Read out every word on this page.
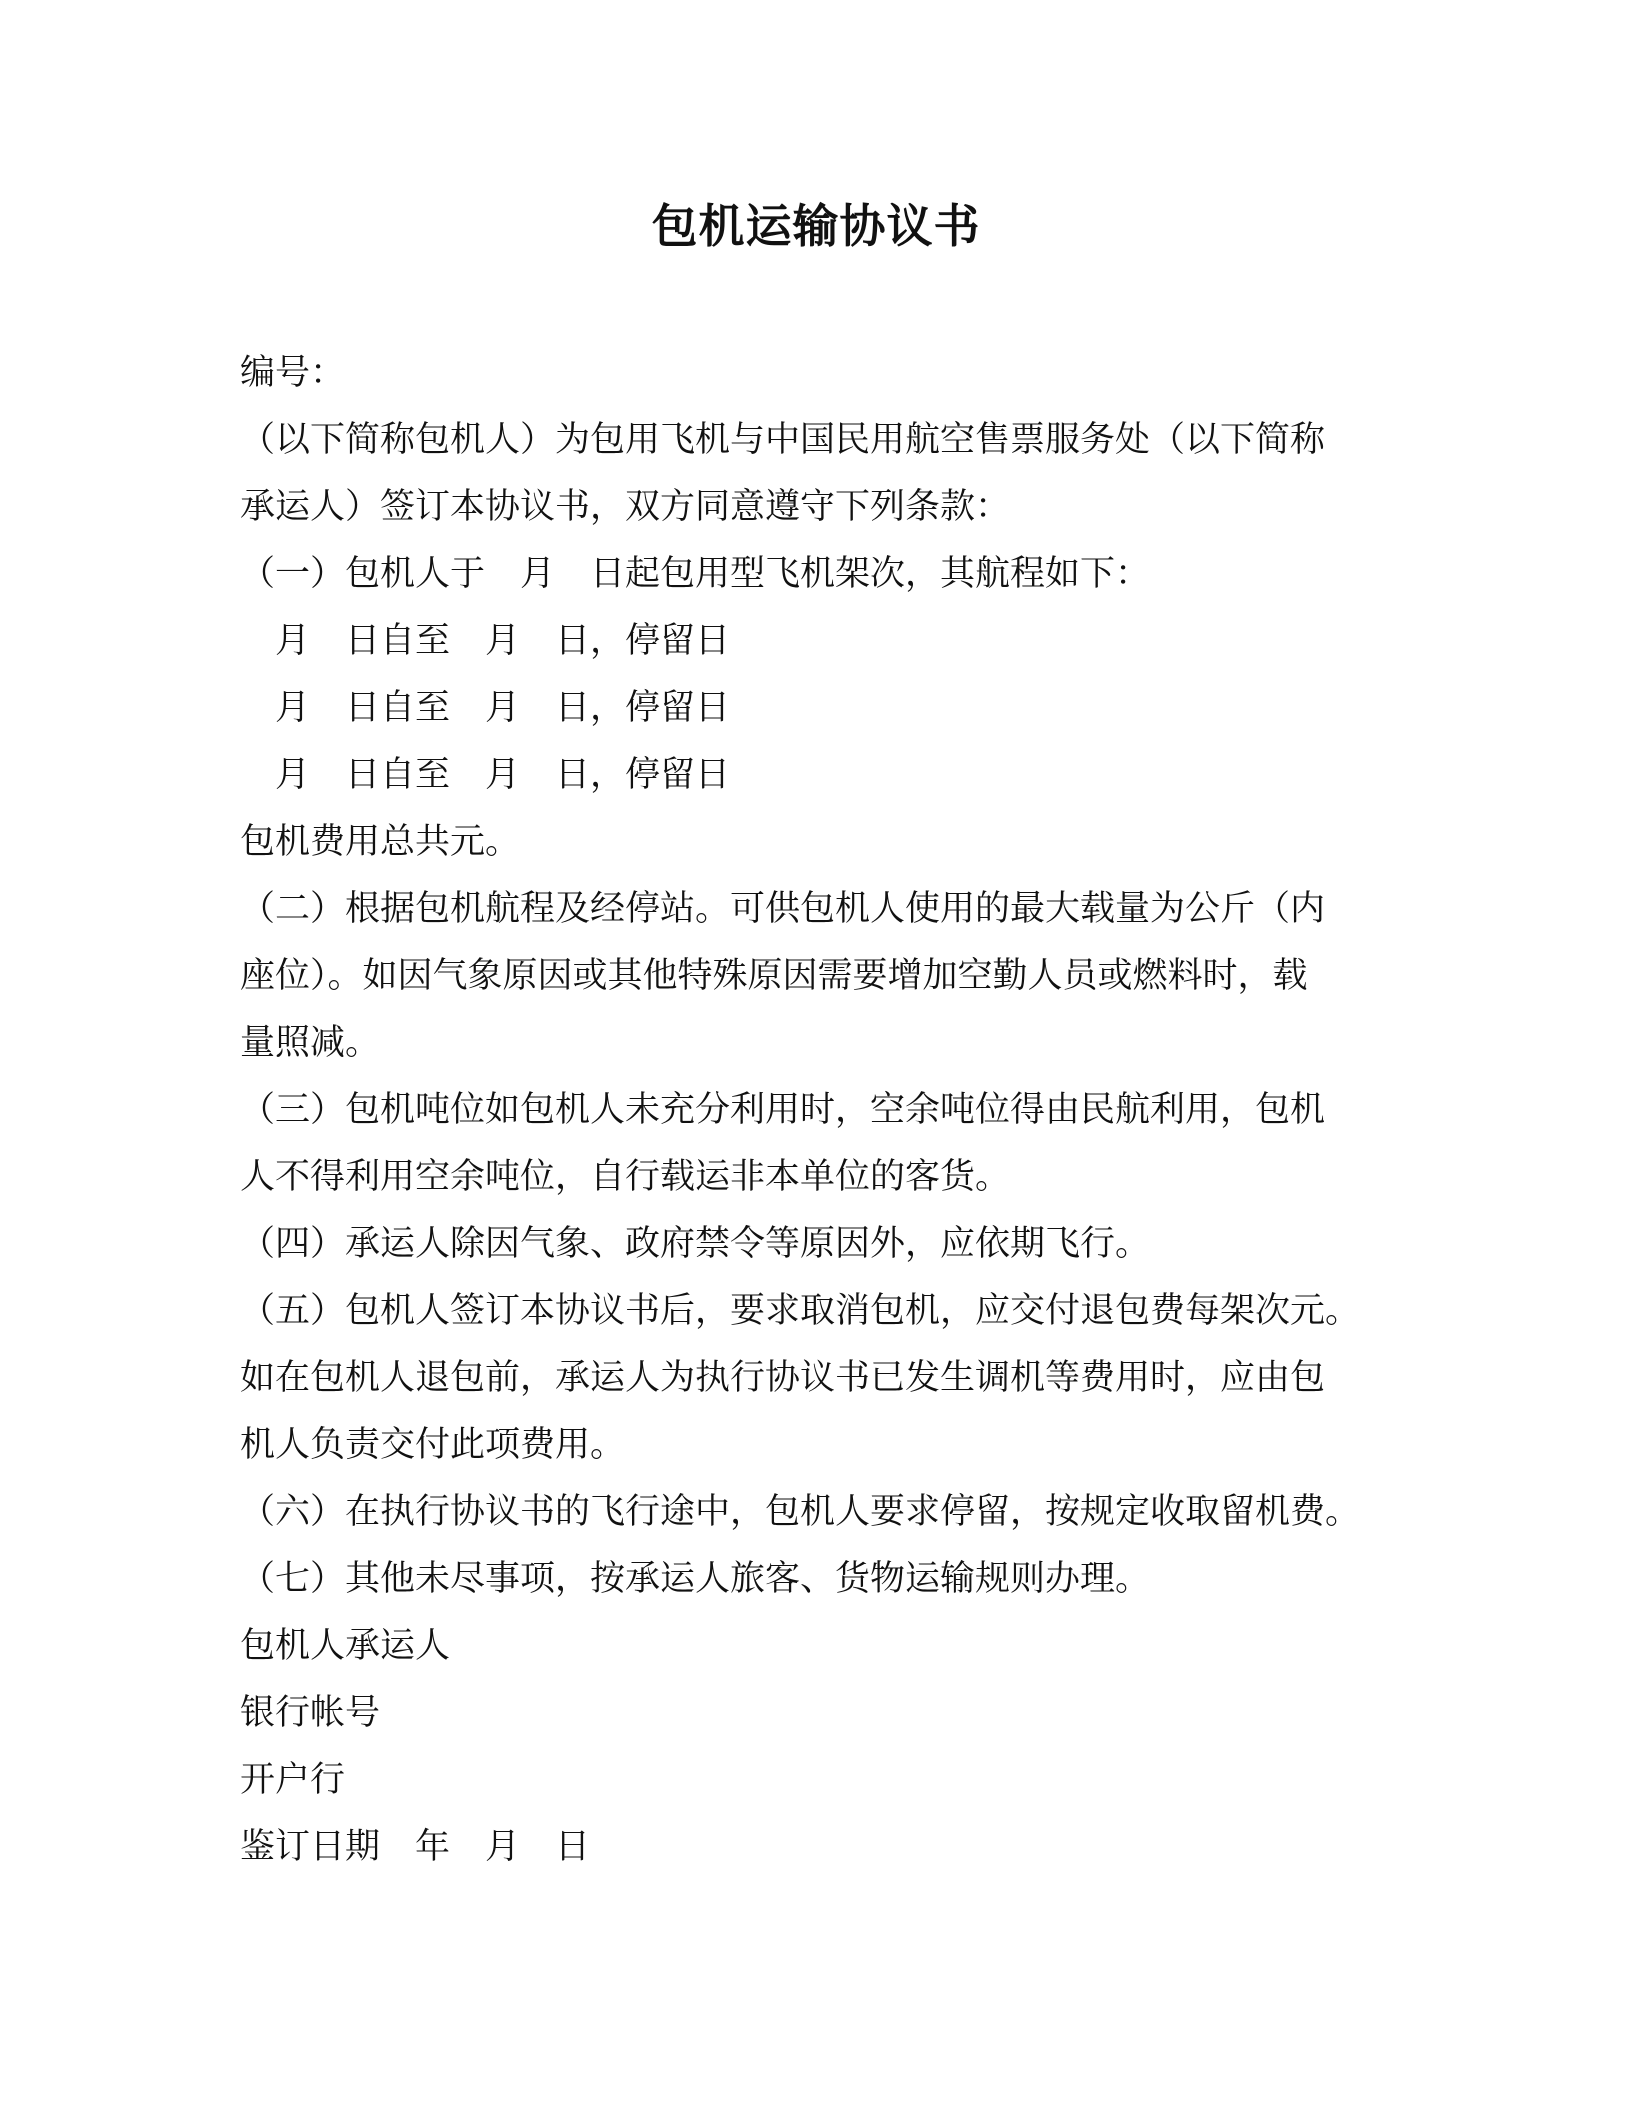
包机运输协议书

编号：

（以下简称包机人）为包用飞机与中国民用航空售票服务处（以下简称

承运人）签订本协议书，双方同意遵守下列条款：

（一）包机人于　月　日起包用型飞机架次，其航程如下：

　月　日自至　月　日，停留日

　月　日自至　月　日，停留日

　月　日自至　月　日，停留日

包机费用总共元。

（二）根据包机航程及经停站。可供包机人使用的最大载量为公斤（内

座位）。如因气象原因或其他特殊原因需要增加空勤人员或燃料时，载

量照减。

（三）包机吨位如包机人未充分利用时，空余吨位得由民航利用，包机

人不得利用空余吨位，自行载运非本单位的客货。

（四）承运人除因气象、政府禁令等原因外，应依期飞行。

（五）包机人签订本协议书后，要求取消包机，应交付退包费每架次元。

如在包机人退包前，承运人为执行协议书已发生调机等费用时，应由包

机人负责交付此项费用。

（六）在执行协议书的飞行途中，包机人要求停留，按规定收取留机费。

（七）其他未尽事项，按承运人旅客、货物运输规则办理。

包机人承运人

银行帐号

开户行

鉴订日期　年　月　日
